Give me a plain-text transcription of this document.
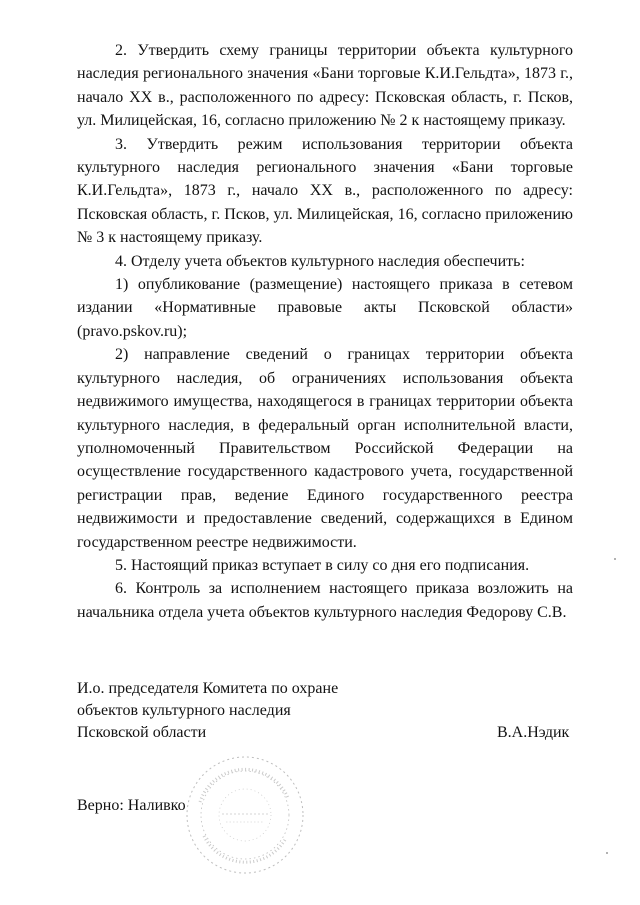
2. Утвердить схему границы территории объекта культурного наследия регионального значения «Бани торговые К.И.Гельдта», 1873 г., начало XX в., расположенного по адресу: Псковская область, г. Псков, ул. Милицейская, 16, согласно приложению № 2 к настоящему приказу.

3. Утвердить режим использования территории объекта культурного наследия регионального значения «Бани торговые К.И.Гельдта», 1873 г., начало XX в., расположенного по адресу: Псковская область, г. Псков, ул. Милицейская, 16, согласно приложению № 3 к настоящему приказу.

4. Отделу учета объектов культурного наследия обеспечить:

1) опубликование (размещение) настоящего приказа в сетевом издании «Нормативные правовые акты Псковской области» (pravo.pskov.ru);

2) направление сведений о границах территории объекта культурного наследия, об ограничениях использования объекта недвижимого имущества, находящегося в границах территории объекта культурного наследия, в федеральный орган исполнительной власти, уполномоченный Правительством Российской Федерации на осуществление государственного кадастрового учета, государственной регистрации прав, ведение Единого государственного реестра недвижимости и предоставление сведений, содержащихся в Едином государственном реестре недвижимости.

5. Настоящий приказ вступает в силу со дня его подписания.

6. Контроль за исполнением настоящего приказа возложить на начальника отдела учета объектов культурного наследия Федорову С.В.

И.о. председателя Комитета по охране
объектов культурного наследия
Псковской области	В.А.Нэдик
Верно: Наливко
